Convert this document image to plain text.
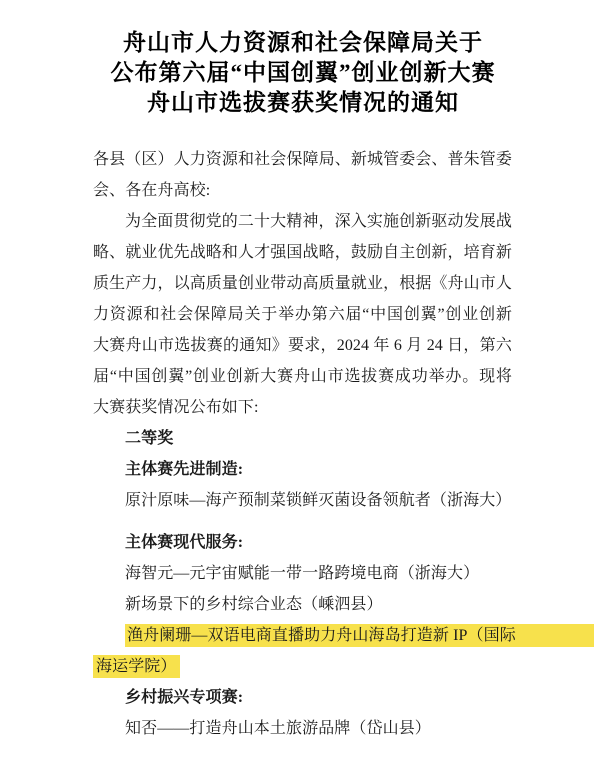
舟山市人力资源和社会保障局关于
公布第六届“中国创翼”创业创新大赛
舟山市选拔赛获奖情况的通知
各县（区）人力资源和社会保障局、新城管委会、普朱管委
会、各在舟高校:
为全面贯彻党的二十大精神，深入实施创新驱动发展战
略、就业优先战略和人才强国战略，鼓励自主创新，培育新
质生产力，以高质量创业带动高质量就业，根据《舟山市人
力资源和社会保障局关于举办第六届“中国创翼”创业创新
大赛舟山市选拔赛的通知》要求，2024 年 6 月 24 日，第六
届“中国创翼”创业创新大赛舟山市选拔赛成功举办。现将
大赛获奖情况公布如下:
二等奖
主体赛先进制造:
原汁原味—海产预制菜锁鲜灭菌设备领航者（浙海大）
主体赛现代服务:
海智元—元宇宙赋能一带一路跨境电商（浙海大）
新场景下的乡村综合业态（嵊泗县）
渔舟阑珊—双语电商直播助力舟山海岛打造新 IP（国际
海运学院）
乡村振兴专项赛:
知否——打造舟山本土旅游品牌（岱山县）
